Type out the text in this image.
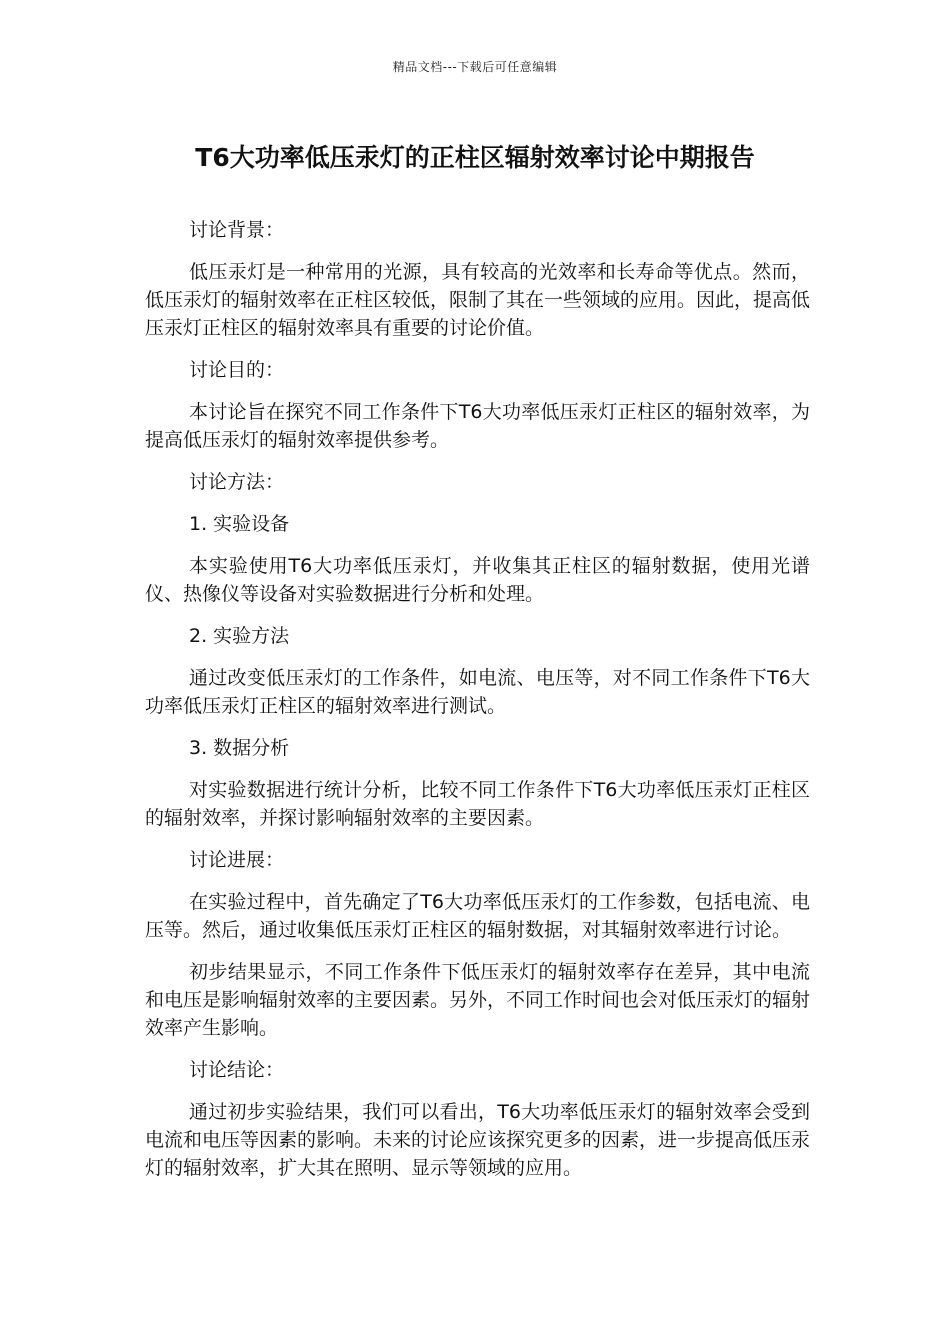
精品文档---下载后可任意编辑
T6大功率低压汞灯的正柱区辐射效率讨论中期报告

讨论背景：

低压汞灯是一种常用的光源，具有较高的光效率和长寿命等优点。然而，低压汞灯的辐射效率在正柱区较低，限制了其在一些领域的应用。因此，提高低压汞灯正柱区的辐射效率具有重要的讨论价值。

讨论目的：

本讨论旨在探究不同工作条件下T6大功率低压汞灯正柱区的辐射效率，为提高低压汞灯的辐射效率提供参考。

讨论方法：

1. 实验设备

本实验使用T6大功率低压汞灯，并收集其正柱区的辐射数据，使用光谱仪、热像仪等设备对实验数据进行分析和处理。

2. 实验方法

通过改变低压汞灯的工作条件，如电流、电压等，对不同工作条件下T6大功率低压汞灯正柱区的辐射效率进行测试。

3. 数据分析

对实验数据进行统计分析，比较不同工作条件下T6大功率低压汞灯正柱区的辐射效率，并探讨影响辐射效率的主要因素。

讨论进展：

在实验过程中，首先确定了T6大功率低压汞灯的工作参数，包括电流、电压等。然后，通过收集低压汞灯正柱区的辐射数据，对其辐射效率进行讨论。

初步结果显示，不同工作条件下低压汞灯的辐射效率存在差异，其中电流和电压是影响辐射效率的主要因素。另外，不同工作时间也会对低压汞灯的辐射效率产生影响。

讨论结论：

通过初步实验结果，我们可以看出，T6大功率低压汞灯的辐射效率会受到电流和电压等因素的影响。未来的讨论应该探究更多的因素，进一步提高低压汞灯的辐射效率，扩大其在照明、显示等领域的应用。
